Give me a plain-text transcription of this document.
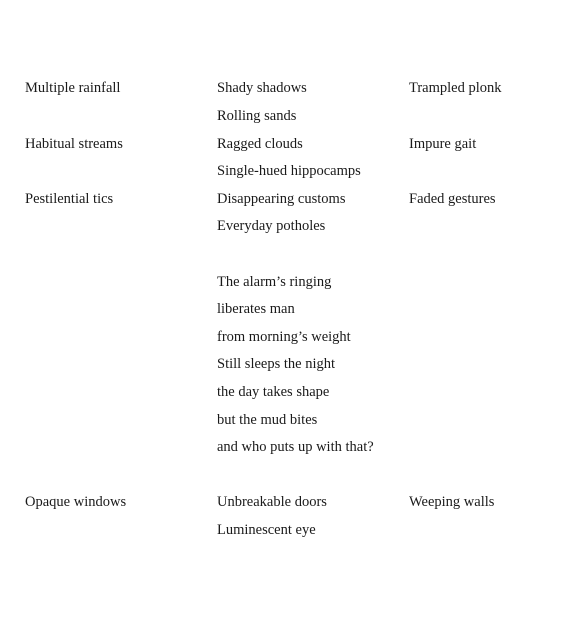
Multiple rainfall	Shady shadows	Trampled plonk
Rolling sands
Habitual streams	Ragged clouds	Impure gait
Single-hued hippocamps
Pestilential tics	Disappearing customs	Faded gestures
Everyday potholes
The alarm’s ringing
liberates man
from morning’s weight
Still sleeps the night
the day takes shape
but the mud bites
and who puts up with that?
Opaque windows	Unbreakable doors	Weeping walls
Luminescent eye
